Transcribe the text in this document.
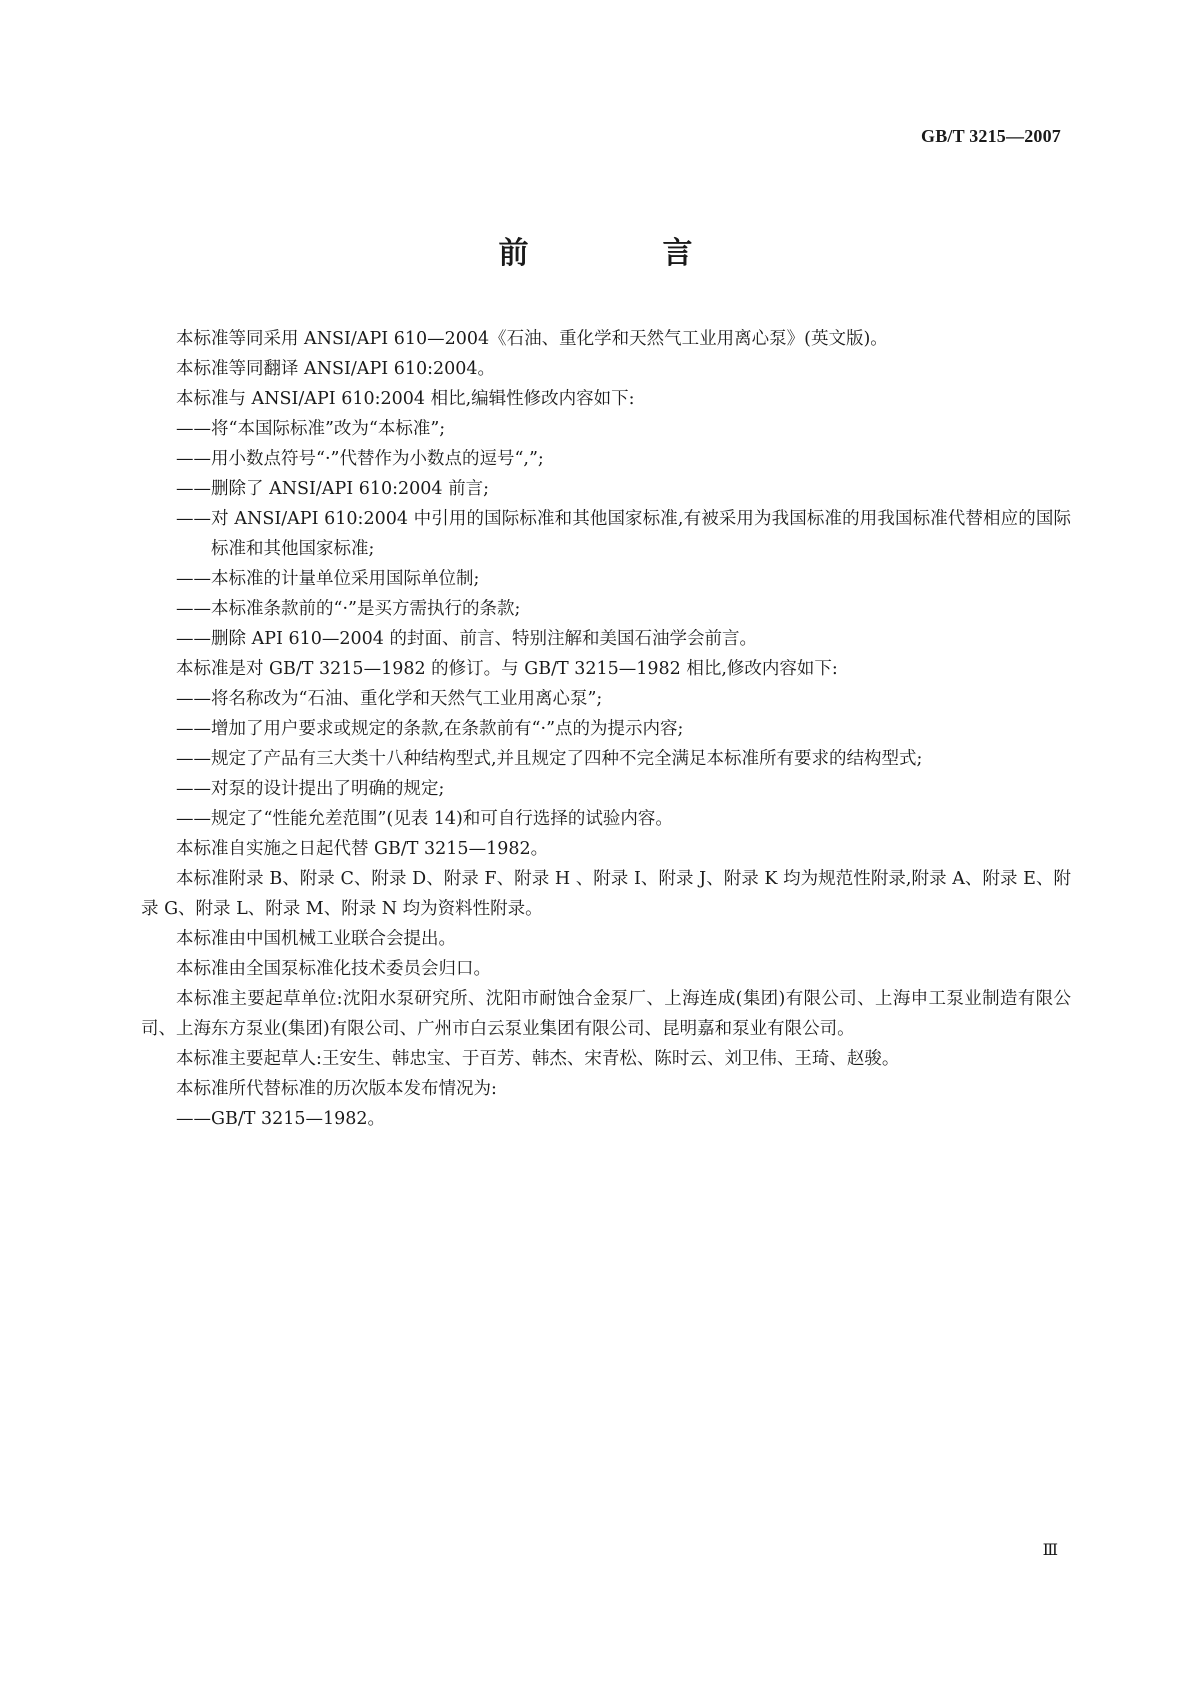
GB/T 3215—2007
前　言
本标准等同采用 ANSI/API 610—2004《石油、重化学和天然气工业用离心泵》(英文版)。
本标准等同翻译 ANSI/API 610:2004。
本标准与 ANSI/API 610:2004 相比,编辑性修改内容如下:
——将“本国际标准”改为“本标准”;
——用小数点符号“·”代替作为小数点的逗号“,”;
——删除了 ANSI/API 610:2004 前言;
——对 ANSI/API 610:2004 中引用的国际标准和其他国家标准,有被采用为我国标准的用我国标准代替相应的国际标准和其他国家标准;
——本标准的计量单位采用国际单位制;
——本标准条款前的“·”是买方需执行的条款;
——删除 API 610—2004 的封面、前言、特别注解和美国石油学会前言。
本标准是对 GB/T 3215—1982 的修订。与 GB/T 3215—1982 相比,修改内容如下:
——将名称改为“石油、重化学和天然气工业用离心泵”;
——增加了用户要求或规定的条款,在条款前有“·”点的为提示内容;
——规定了产品有三大类十八种结构型式,并且规定了四种不完全满足本标准所有要求的结构型式;
——对泵的设计提出了明确的规定;
——规定了“性能允差范围”(见表 14)和可自行选择的试验内容。
本标准自实施之日起代替 GB/T 3215—1982。
本标准附录 B、附录 C、附录 D、附录 F、附录 H 、附录 I、附录 J、附录 K 均为规范性附录,附录 A、附录 E、附录 G、附录 L、附录 M、附录 N 均为资料性附录。
本标准由中国机械工业联合会提出。
本标准由全国泵标准化技术委员会归口。
本标准主要起草单位:沈阳水泵研究所、沈阳市耐蚀合金泵厂、上海连成(集团)有限公司、上海申工泵业制造有限公司、上海东方泵业(集团)有限公司、广州市白云泵业集团有限公司、昆明嘉和泵业有限公司。
本标准主要起草人:王安生、韩忠宝、于百芳、韩杰、宋青松、陈时云、刘卫伟、王琦、赵骏。
本标准所代替标准的历次版本发布情况为:
——GB/T 3215—1982。
Ⅲ
